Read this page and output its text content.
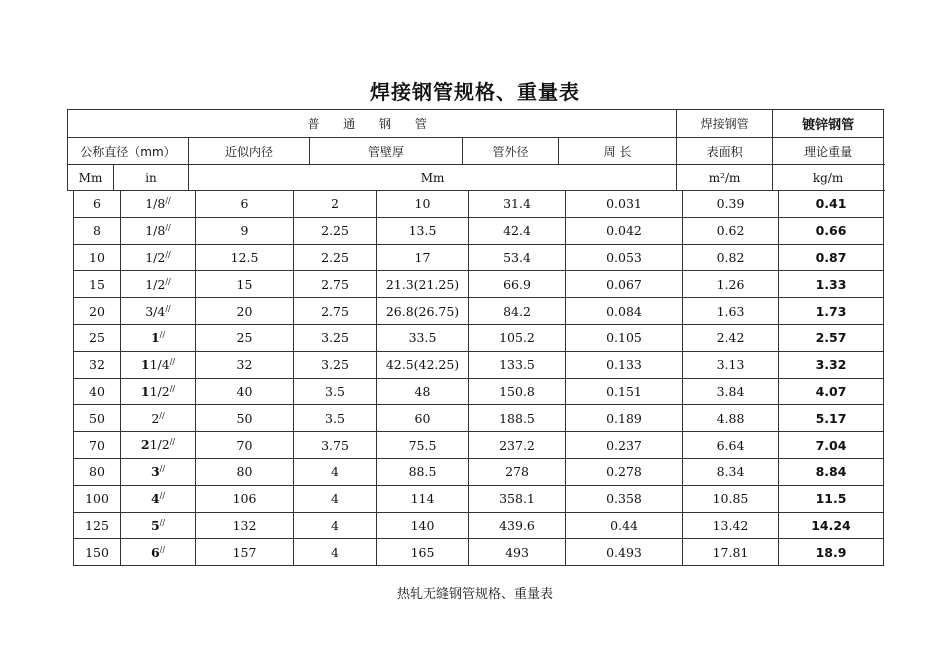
焊接钢管规格、重量表
普 通 钢 管						焊接钢管	镀锌钢管
公称直径（mm）		近似内径	管壁厚	管外径	周 长	表面积	理论重量
Mm	in	Mm				m²/m	kg/m
6	1/8//	6	2	10	31.4	0.031	0.39	0.41
8	1/8//	9	2.25	13.5	42.4	0.042	0.62	0.66
10	1/2//	12.5	2.25	17	53.4	0.053	0.82	0.87
15	1/2//	15	2.75	21.3(21.25)	66.9	0.067	1.26	1.33
20	3/4//	20	2.75	26.8(26.75)	84.2	0.084	1.63	1.73
25	1//	25	3.25	33.5	105.2	0.105	2.42	2.57
32	11/4//	32	3.25	42.5(42.25)	133.5	0.133	3.13	3.32
40	11/2//	40	3.5	48	150.8	0.151	3.84	4.07
50	2//	50	3.5	60	188.5	0.189	4.88	5.17
70	21/2//	70	3.75	75.5	237.2	0.237	6.64	7.04
80	3//	80	4	88.5	278	0.278	8.34	8.84
100	4//	106	4	114	358.1	0.358	10.85	11.5
125	5//	132	4	140	439.6	0.44	13.42	14.24
150	6//	157	4	165	493	0.493	17.81	18.9
热轧无缝钢管规格、重量表
